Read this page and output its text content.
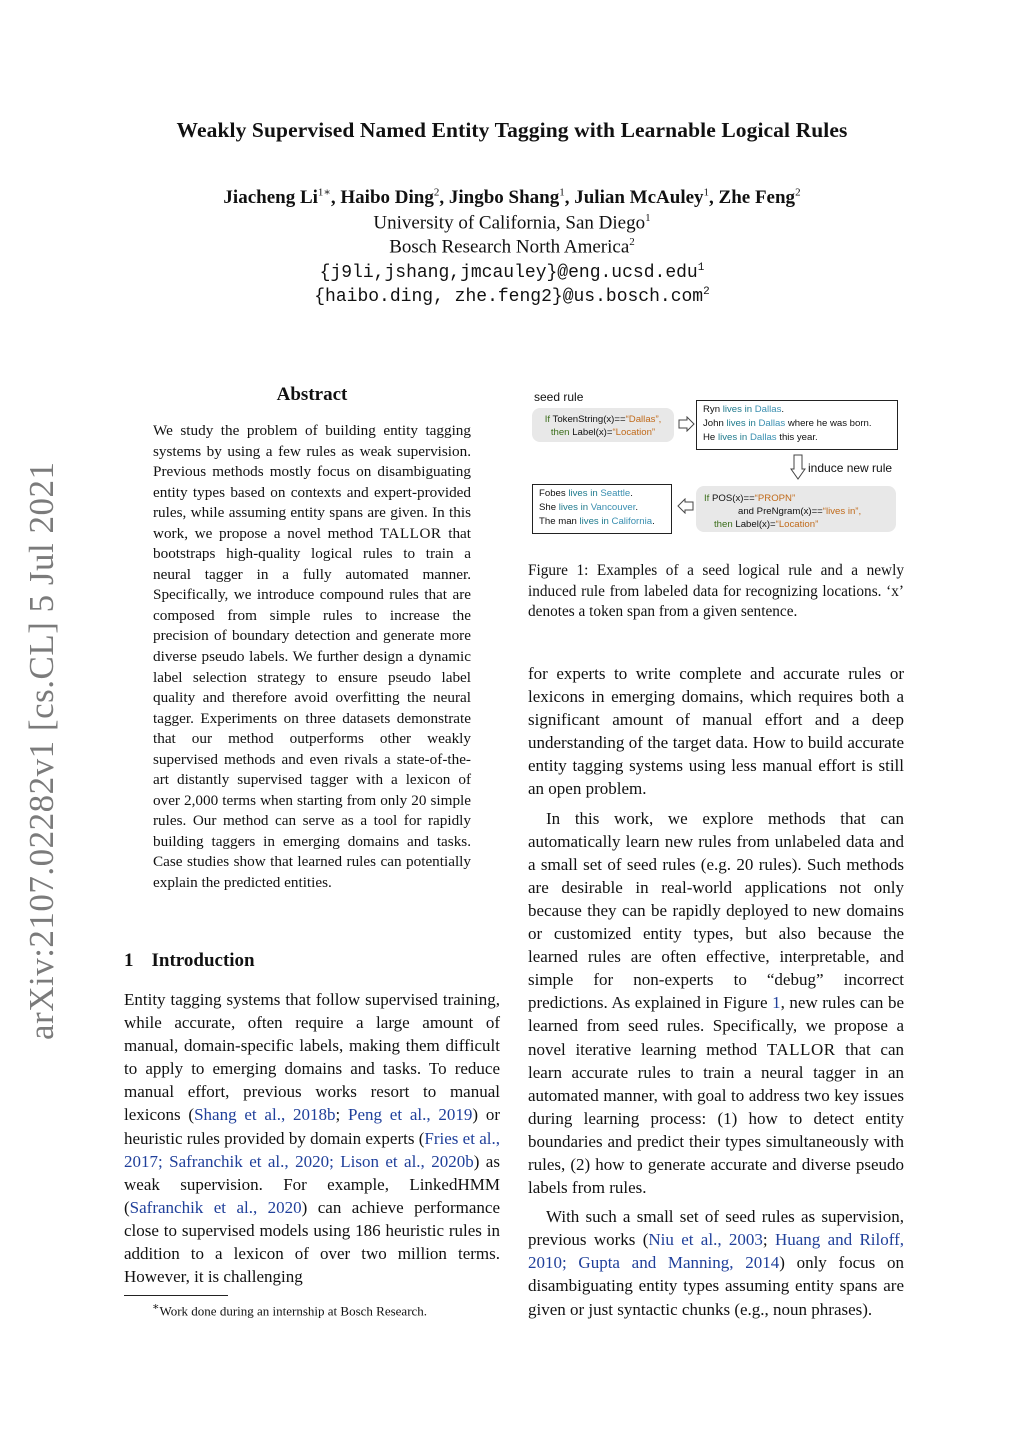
Weakly Supervised Named Entity Tagging with Learnable Logical Rules
Jiacheng $Li^{1∗}$, Haibo Ding$^2$, Jingbo Shang$^1$, Julian McAuley$^1$, Zhe Feng$^2$
University of California, San Diego$^1$
Bosch Research North America$^2$
{j9li,jshang,jmcauley}@eng.ucsd.edu$^1$
{haibo.ding, zhe.feng2}@us.bosch.com$^2$
arXiv:2107.02282v1 [cs.CL] 5 Jul 2021
Abstract
We study the problem of building entity tagging systems by using a few rules as weak supervision. Previous methods mostly focus on disambiguating entity types based on contexts and expert-provided rules, while assuming entity spans are given. In this work, we propose a novel method TALLOR that bootstraps high-quality logical rules to train a neural tagger in a fully automated manner. Specifically, we introduce compound rules that are composed from simple rules to increase the precision of boundary detection and generate more diverse pseudo labels. We further design a dynamic label selection strategy to ensure pseudo label quality and therefore avoid overfitting the neural tagger. Experiments on three datasets demonstrate that our method outperforms other weakly supervised methods and even rivals a state-of-the-art distantly supervised tagger with a lexicon of over 2,000 terms when starting from only 20 simple rules. Our method can serve as a tool for rapidly building taggers in emerging domains and tasks. Case studies show that learned rules can potentially explain the predicted entities.
1 Introduction

Entity tagging systems that follow supervised training, while accurate, often require a large amount of manual, domain-specific labels, making them difficult to apply to emerging domains and tasks. To reduce manual effort, previous works resort to manual lexicons (Shang et al., 2018b; Peng et al., 2019) or heuristic rules provided by domain experts (Fries et al., 2017; Safranchik et al., 2020; Lison et al., 2020b) as weak supervision. For example, LinkedHMM (Safranchik et al., 2020) can achieve performance close to supervised models using 186 heuristic rules in addition to a lexicon of over two million terms. However, it is challenging

∗Work done during an internship at Bosch Research.
seed rule
If TokenString(x)==“Dallas”,
then Label(x)=“Location”
Ryn lives in Dallas.
John lives in Dallas where he was born.
He lives in Dallas this year.
induce new rule
Fobes lives in Seattle.
She lives in Vancouver.
The man lives in California.
If POS(x)==“PROPN”
and PreNgram(x)==“lives in”,
then Label(x)=“Location”
Figure 1: Examples of a seed logical rule and a newly induced rule from labeled data for recognizing locations. ‘x’ denotes a token span from a given sentence.

for experts to write complete and accurate rules or lexicons in emerging domains, which requires both a significant amount of manual effort and a deep understanding of the target data. How to build accurate entity tagging systems using less manual effort is still an open problem.

In this work, we explore methods that can automatically learn new rules from unlabeled data and a small set of seed rules (e.g. 20 rules). Such methods are desirable in real-world applications not only because they can be rapidly deployed to new domains or customized entity types, but also because the learned rules are often effective, interpretable, and simple for non-experts to “debug” incorrect predictions. As explained in Figure 1, new rules can be learned from seed rules. Specifically, we propose a novel iterative learning method TALLOR that can learn accurate rules to train a neural tagger in an automated manner, with goal to address two key issues during learning process: (1) how to detect entity boundaries and predict their types simultaneously with rules, (2) how to generate accurate and diverse pseudo labels from rules.

With such a small set of seed rules as supervision, previous works (Niu et al., 2003; Huang and Riloff, 2010; Gupta and Manning, 2014) only focus on disambiguating entity types assuming entity spans are given or just syntactic chunks (e.g., noun phrases).
